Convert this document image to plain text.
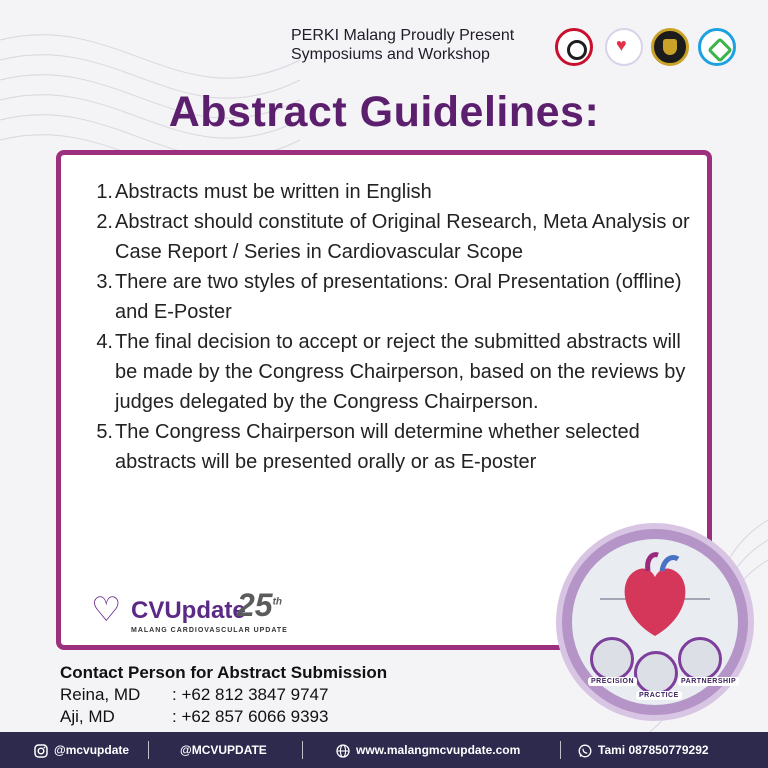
PERKI Malang Proudly Present
Symposiums and Workshop
♥
Abstract Guidelines:
1. Abstracts must be written in English
2. Abstract should constitute of Original Research, Meta Analysis or Case Report / Series in Cardiovascular Scope
3. There are two styles of presentations: Oral Presentation (offline) and E-Poster
4. The final decision to accept or reject the submitted abstracts will be made by the Congress Chairperson, based on the reviews by judges delegated by the Congress Chairperson.
5. The Congress Chairperson will determine whether selected abstracts will be presented orally or as E-poster
♡ CVUpdate
25th
MALANG CARDIOVASCULAR UPDATE
PRECISION
PRACTICE
PARTNERSHIP
Contact Person for Abstract Submission
Reina, MD : +62 812 3847 9747
Aji, MD	: +62 857 6066 9393
@mcvupdate	@MCVUPDATE	www.malangmcvupdate.com	Tami 087850779292
